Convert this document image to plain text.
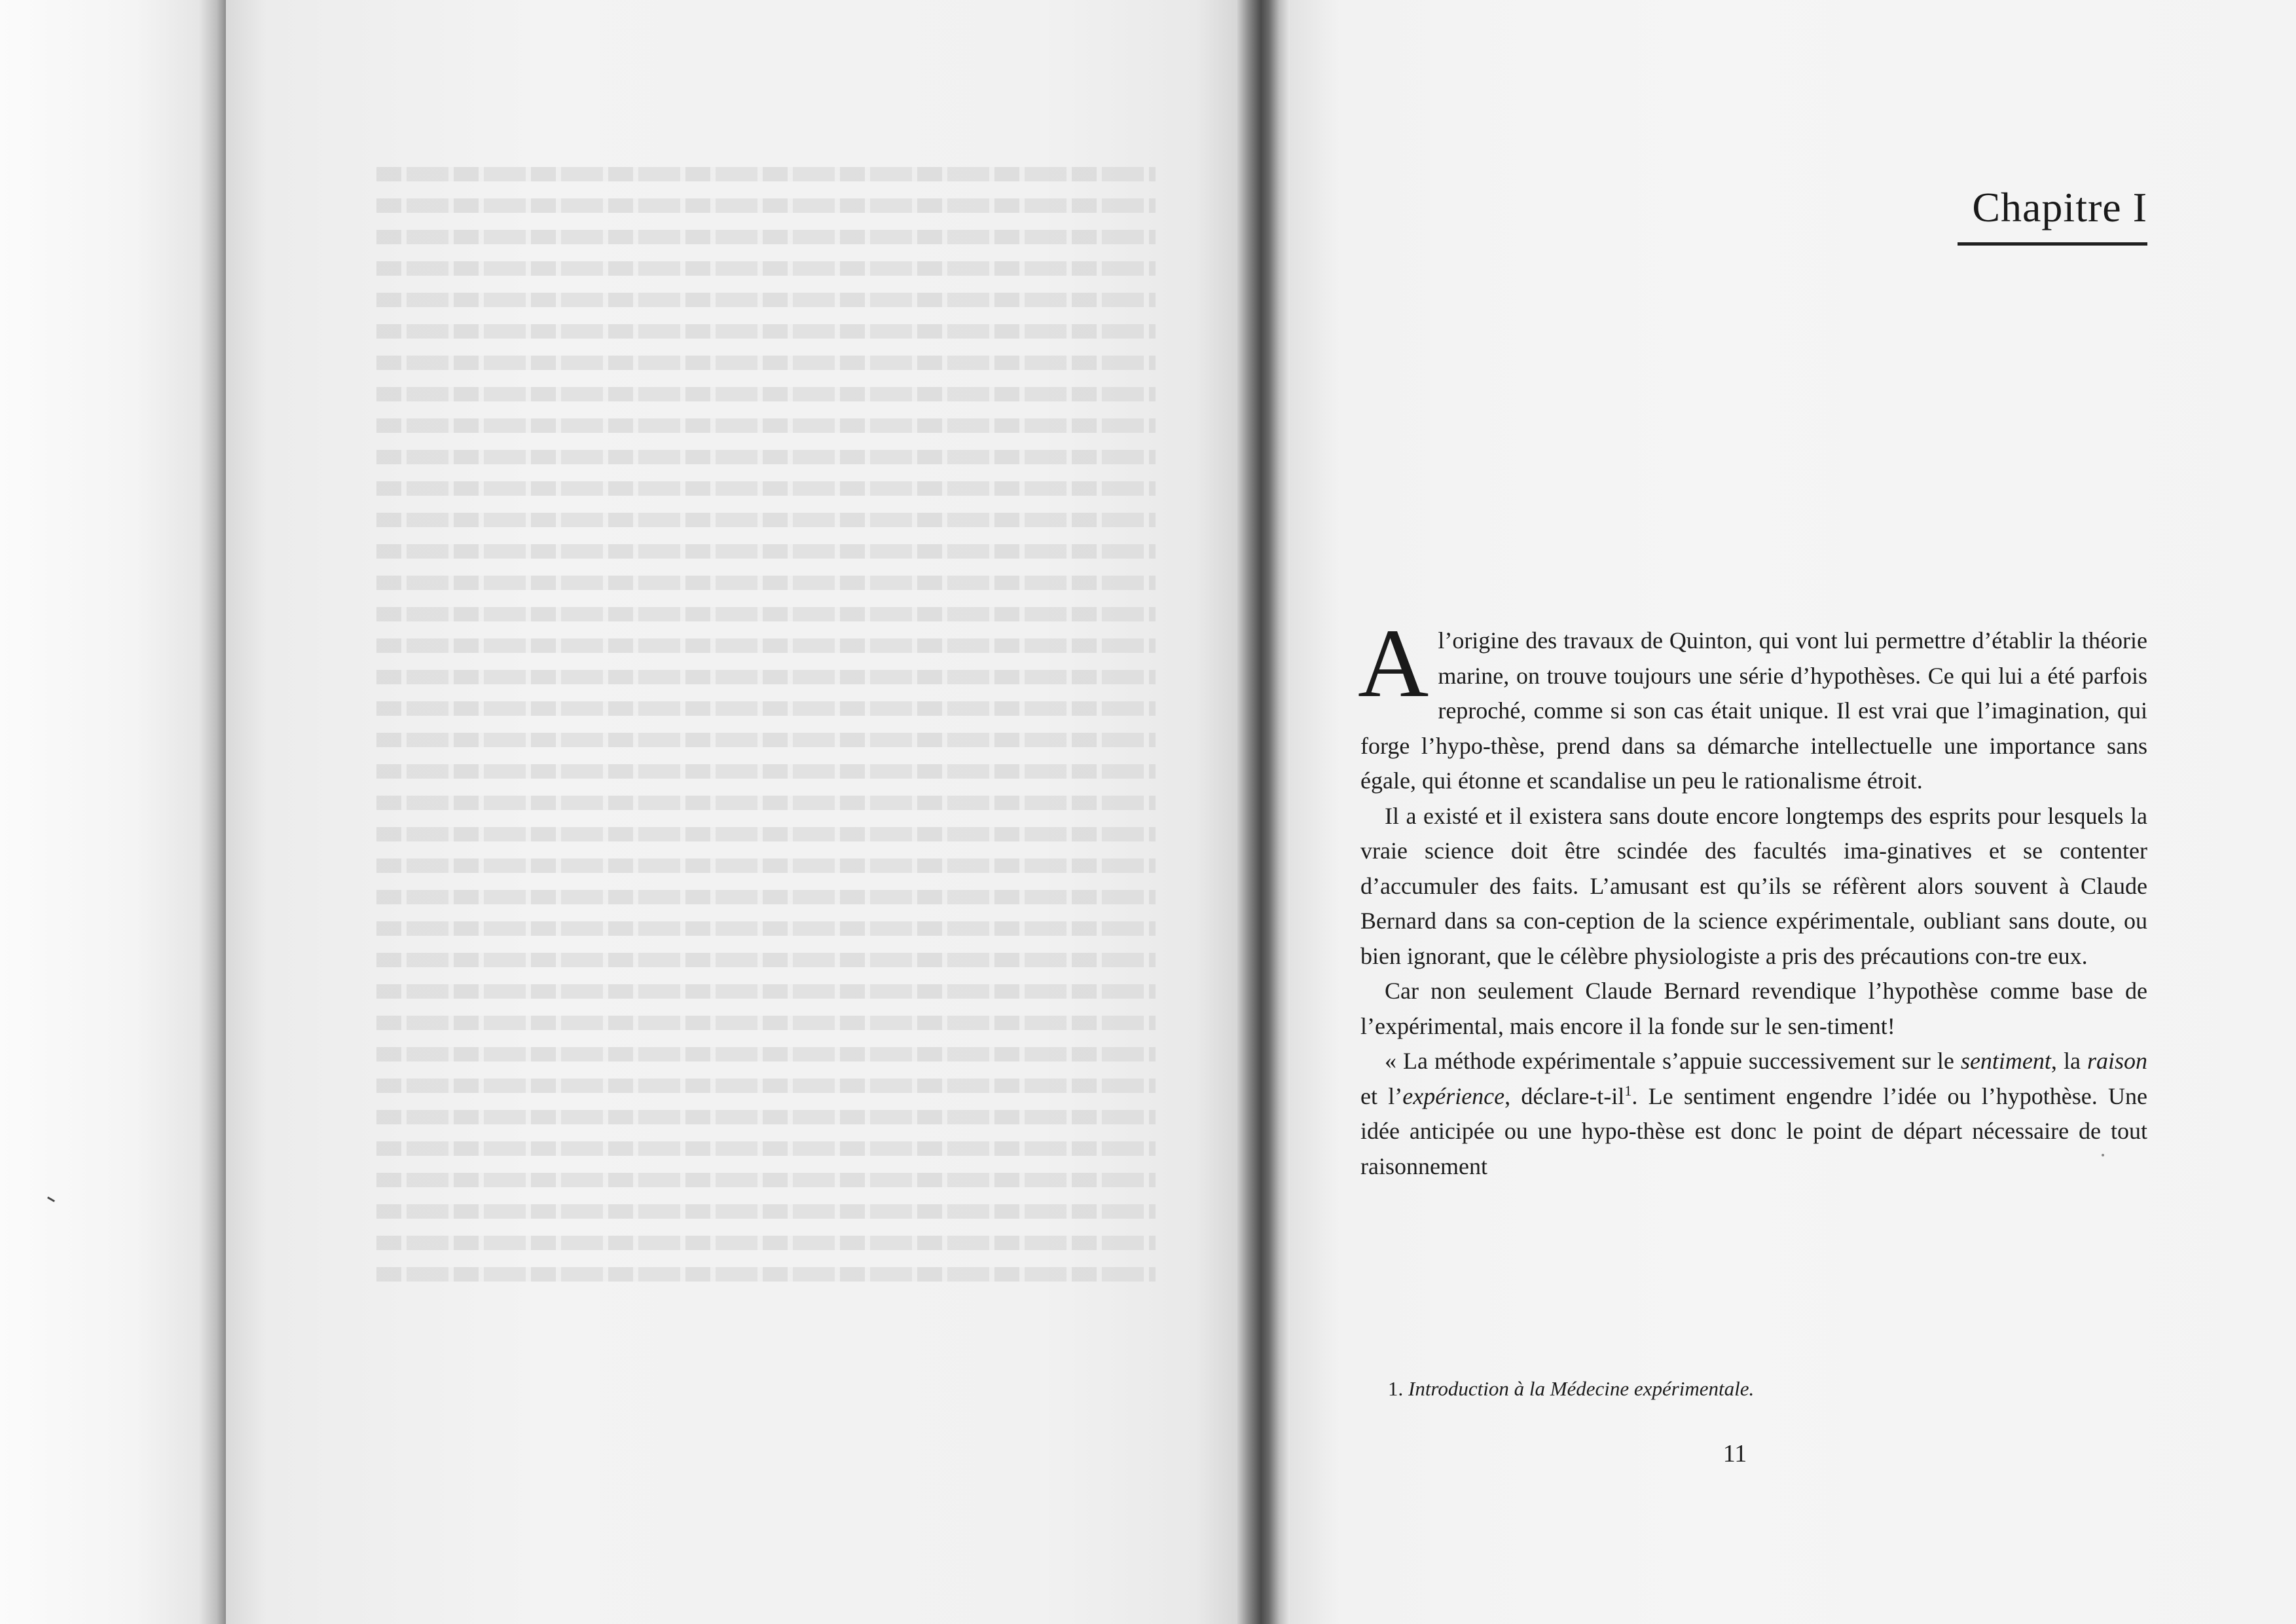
Chapitre I

Al’origine des travaux de Quinton, qui vont lui permettre d’établir la théorie marine, on trouve toujours une série d’hypothèses. Ce qui lui a été parfois reproché, comme si son cas était unique. Il est vrai que l’imagination, qui forge l’hypo-thèse, prend dans sa démarche intellectuelle une importance sans égale, qui étonne et scandalise un peu le rationalisme étroit.

Il a existé et il existera sans doute encore longtemps des esprits pour lesquels la vraie science doit être scindée des facultés ima-ginatives et se contenter d’accumuler des faits. L’amusant est qu’ils se réfèrent alors souvent à Claude Bernard dans sa con-ception de la science expérimentale, oubliant sans doute, ou bien ignorant, que le célèbre physiologiste a pris des précautions con-tre eux.

Car non seulement Claude Bernard revendique l’hypothèse comme base de l’expérimental, mais encore il la fonde sur le sen-timent!

« La méthode expérimentale s’appuie successivement sur le sentiment, la raison et l’expérience, déclare-$t-il^1$. Le sentiment engendre l’idée ou l’hypothèse. Une idée anticipée ou une hypo-thèse est donc le point de départ nécessaire de tout raisonnement

1. Introduction à la Médecine expérimentale.
11
